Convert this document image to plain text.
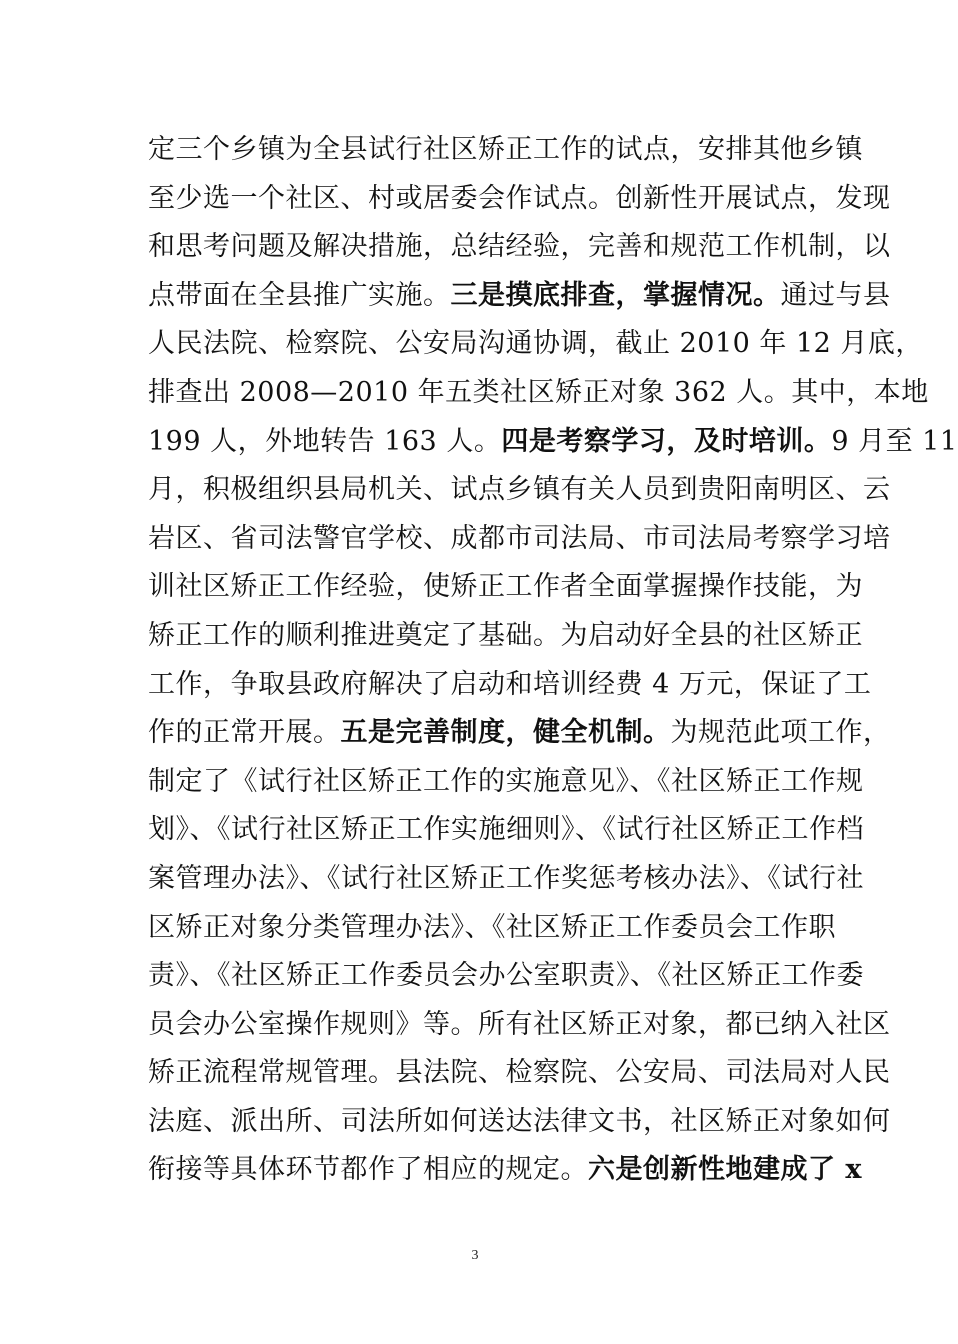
定三个乡镇为全县试行社区矫正工作的试点，安排其他乡镇
至少选一个社区、村或居委会作试点。创新性开展试点，发现
和思考问题及解决措施，总结经验，完善和规范工作机制，以
点带面在全县推广实施。三是摸底排查，掌握情况。通过与县
人民法院、检察院、公安局沟通协调，截止 2010 年 12 月底，
排查出 2008—2010 年五类社区矫正对象 362 人。其中，本地
199 人，外地转告 163 人。四是考察学习，及时培训。9 月至 11
月，积极组织县局机关、试点乡镇有关人员到贵阳南明区、云
岩区、省司法警官学校、成都市司法局、市司法局考察学习培
训社区矫正工作经验，使矫正工作者全面掌握操作技能，为
矫正工作的顺利推进奠定了基础。为启动好全县的社区矫正
工作，争取县政府解决了启动和培训经费 4 万元，保证了工
作的正常开展。五是完善制度，健全机制。为规范此项工作，
制定了《试行社区矫正工作的实施意见》、《社区矫正工作规
划》、《试行社区矫正工作实施细则》、《试行社区矫正工作档
案管理办法》、《试行社区矫正工作奖惩考核办法》、《试行社
区矫正对象分类管理办法》、《社区矫正工作委员会工作职
责》、《社区矫正工作委员会办公室职责》、《社区矫正工作委
员会办公室操作规则》等。所有社区矫正对象，都已纳入社区
矫正流程常规管理。县法院、检察院、公安局、司法局对人民
法庭、派出所、司法所如何送达法律文书，社区矫正对象如何
衔接等具体环节都作了相应的规定。六是创新性地建成了 x
3
